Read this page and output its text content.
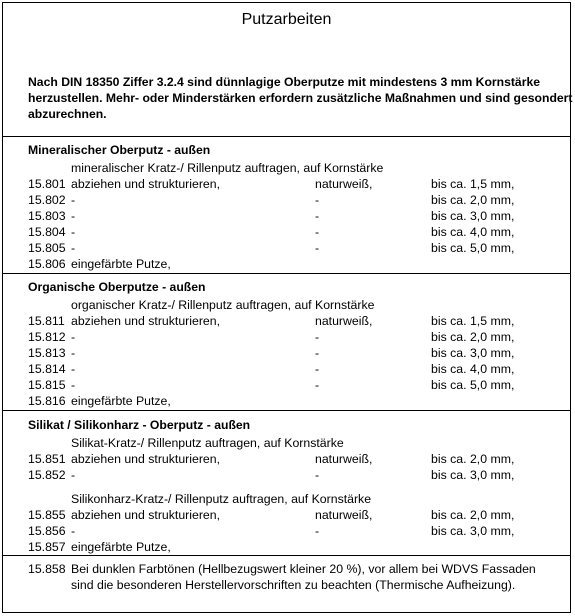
Putzarbeiten
Nach DIN 18350 Ziffer 3.2.4 sind dünnlagige Oberputze mit mindestens 3 mm Kornstärke
herzustellen. Mehr- oder Minderstärken erfordern zusätzliche Maßnahmen und sind gesondert
abzurechnen.
Mineralischer Oberputz - außen
mineralischer Kratz-/ Rillenputz auftragen, auf Kornstärke
15.801 abziehen und strukturieren,	naturweiß,	bis ca. 1,5 mm,
15.802 -	-	bis ca. 2,0 mm,
15.803 -	-	bis ca. 3,0 mm,
15.804 -	-	bis ca. 4,0 mm,
15.805 -	-	bis ca. 5,0 mm,
15.806 eingefärbte Putze,
Organische Oberputze - außen
organischer Kratz-/ Rillenputz auftragen, auf Kornstärke
15.811 abziehen und strukturieren,	naturweiß,	bis ca. 1,5 mm,
15.812 -	-	bis ca. 2,0 mm,
15.813 -	-	bis ca. 3,0 mm,
15.814 -	-	bis ca. 4,0 mm,
15.815 -	-	bis ca. 5,0 mm,
15.816 eingefärbte Putze,
Silikat / Silikonharz - Oberputz - außen
Silikat-Kratz-/ Rillenputz auftragen, auf Kornstärke
15.851 abziehen und strukturieren,	naturweiß,	bis ca. 2,0 mm,
15.852 -	-	bis ca. 3,0 mm,
Silikonharz-Kratz-/ Rillenputz auftragen, auf Kornstärke
15.855 abziehen und strukturieren,	naturweiß,	bis ca. 2,0 mm,
15.856 -	-	bis ca. 3,0 mm,
15.857 eingefärbte Putze,
15.858 Bei dunklen Farbtönen (Hellbezugswert kleiner 20 %), vor allem bei WDVS Fassaden
sind die besonderen Herstellervorschriften zu beachten (Thermische Aufheizung).
